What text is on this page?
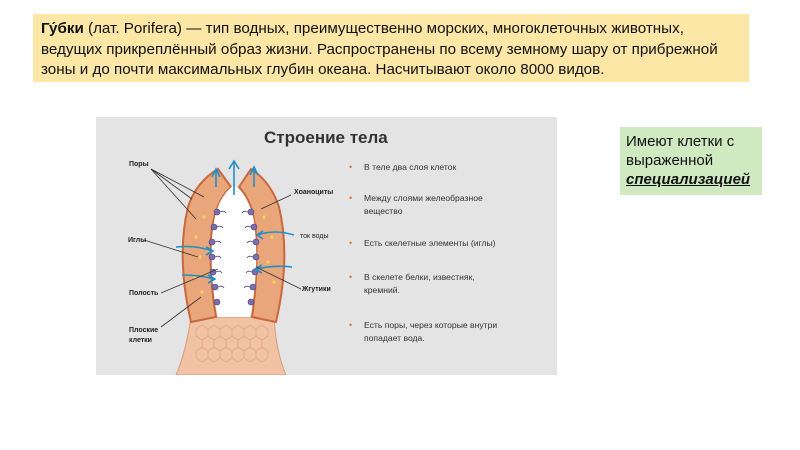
Гу́бки (лат. Porifera) — тип водных, преимущественно морских, многоклеточных животных, ведущих прикреплённый образ жизни. Распространены по всему земному шару от прибрежной зоны и до почти максимальных глубин океана. Насчитывают около 8000 видов.
Строение тела
Поры
Хоаноциты
ток воды
Иглы
Полость
Жгутики
Плоские
клетки
•	В теле два слоя клеток
•	Между слоями желеобразное
вещество
•	Есть скелетные элементы (иглы)
•	В скелете белки, известняк,
кремний.
•	Есть поры, через которые внутри
попадает вода.
Имеют клетки с выраженной специализацией
